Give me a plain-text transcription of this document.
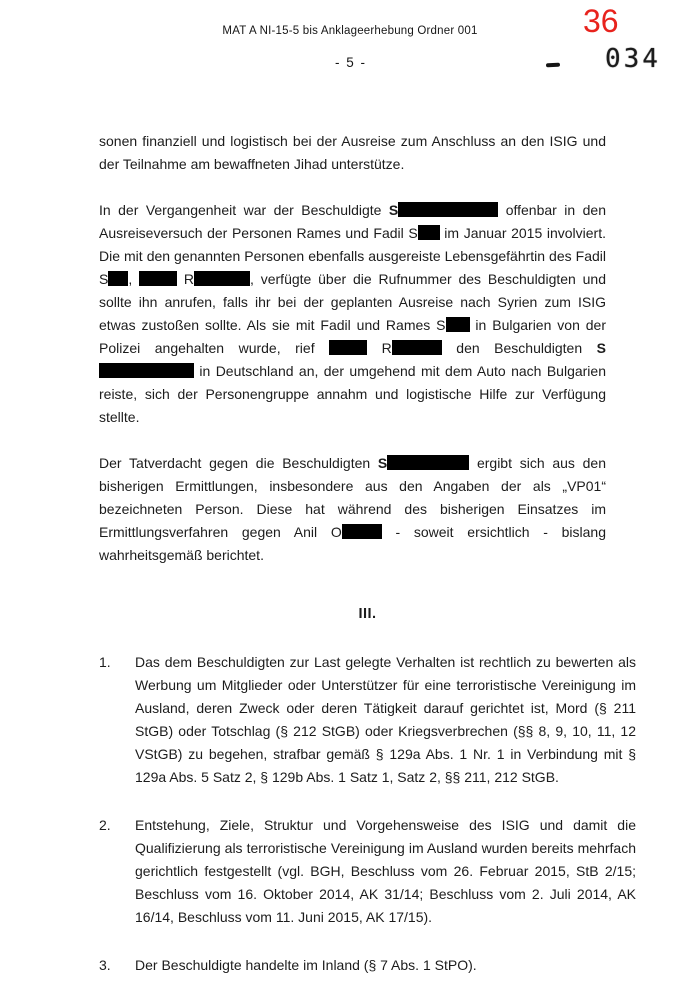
MAT A NI-15-5 bis Anklageerhebung Ordner 001
- 5 -
36
034

sonen finanziell und logistisch bei der Ausreise zum Anschluss an den ISIG und der Teilnahme am bewaffneten Jihad unterstütze.

In der Vergangenheit war der Beschuldigte S	offenbar in den Ausreiseversuch der Personen Rames und Fadil S im Januar 2015 involviert. Die mit den genannten Personen ebenfalls ausgereiste Lebensgefährtin des Fadil S ,	R	, verfügte über die Rufnummer des Beschuldigten und sollte ihn anrufen, falls ihr bei der geplanten Ausreise nach Syrien zum ISIG etwas zustoßen sollte. Als sie mit Fadil und Rames S in Bulgarien von der Polizei angehalten wurde, rief	R	den Beschuldigten S in Deutschland an, der umgehend mit dem Auto nach Bulgarien reiste, sich der Personengruppe annahm und logistische Hilfe zur Verfügung stellte.

Der Tatverdacht gegen die Beschuldigten S	ergibt sich aus den bisherigen Ermittlungen, insbesondere aus den Angaben der als „VP01“ bezeichneten Person. Diese hat während des bisherigen Einsatzes im Ermittlungsverfahren gegen Anil O	- soweit ersichtlich - bislang wahrheitsgemäß berichtet.

III.
1.	Das dem Beschuldigten zur Last gelegte Verhalten ist rechtlich zu bewerten als Werbung um Mitglieder oder Unterstützer für eine terroristische Vereinigung im Ausland, deren Zweck oder deren Tätigkeit darauf gerichtet ist, Mord (§ 211 StGB) oder Totschlag (§ 212 StGB) oder Kriegsverbrechen (§§ 8, 9, 10, 11, 12 VStGB) zu begehen, strafbar gemäß § 129a Abs. 1 Nr. 1 in Verbindung mit § 129a Abs. 5 Satz 2, § 129b Abs. 1 Satz 1, Satz 2, §§ 211, 212 StGB.
2.	Entstehung, Ziele, Struktur und Vorgehensweise des ISIG und damit die Qualifizierung als terroristische Vereinigung im Ausland wurden bereits mehrfach gerichtlich festgestellt (vgl. BGH, Beschluss vom 26. Februar 2015, StB 2/15; Beschluss vom 16. Oktober 2014, AK 31/14; Beschluss vom 2. Juli 2014, AK 16/14, Beschluss vom 11. Juni 2015, AK 17/15).
3.	Der Beschuldigte handelte im Inland (§ 7 Abs. 1 StPO).
